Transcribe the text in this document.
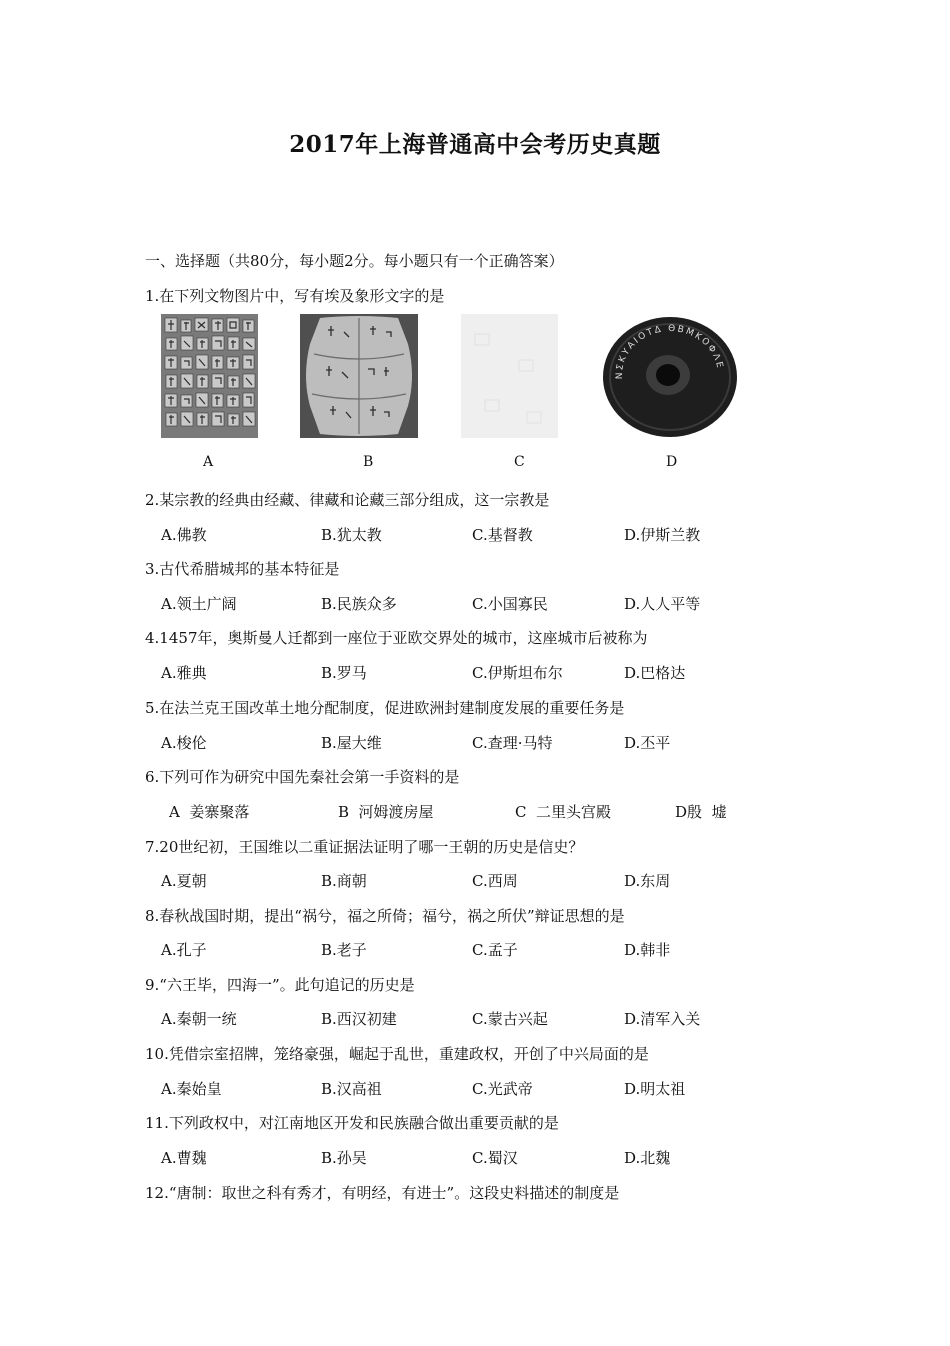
2017年上海普通高中会考历史真题
一、选择题（共80分，每小题2分。每小题只有一个正确答案）
1.在下列文物图片中，写有埃及象形文字的是
ΝΣΚΥΑΙΟΤΔ ΘΒΜΚΟΦΛΕ
A	B	C	D
2.某宗教的经典由经藏、律藏和论藏三部分组成，这一宗教是
A.佛教	B.犹太教	C.基督教	D.伊斯兰教
3.古代希腊城邦的基本特征是
A.领土广阔	B.民族众多	C.小国寡民	D.人人平等
4.1457年，奥斯曼人迁都到一座位于亚欧交界处的城市，这座城市后被称为
A.雅典	B.罗马	C.伊斯坦布尔	D.巴格达
5.在法兰克王国改革土地分配制度，促进欧洲封建制度发展的重要任务是
A.梭伦	B.屋大维	C.查理·马特	D.丕平
6.下列可作为研究中国先秦社会第一手资料的是
A  姜寨聚落	B  河姆渡房屋	C  二里头宫殿	D殷  墟
7.20世纪初，王国维以二重证据法证明了哪一王朝的历史是信史？
A.夏朝	B.商朝	C.西周	D.东周
8.春秋战国时期，提出“祸兮，福之所倚；福兮，祸之所伏”辩证思想的是
A.孔子	B.老子	C.孟子	D.韩非
9.“六王毕，四海一”。此句追记的历史是
A.秦朝一统	B.西汉初建	C.蒙古兴起	D.清军入关
10.凭借宗室招牌，笼络豪强，崛起于乱世，重建政权，开创了中兴局面的是
A.秦始皇	B.汉高祖	C.光武帝	D.明太祖
11.下列政权中，对江南地区开发和民族融合做出重要贡献的是
A.曹魏	B.孙吴	C.蜀汉	D.北魏
12.“唐制：取世之科有秀才，有明经，有进士”。这段史料描述的制度是
